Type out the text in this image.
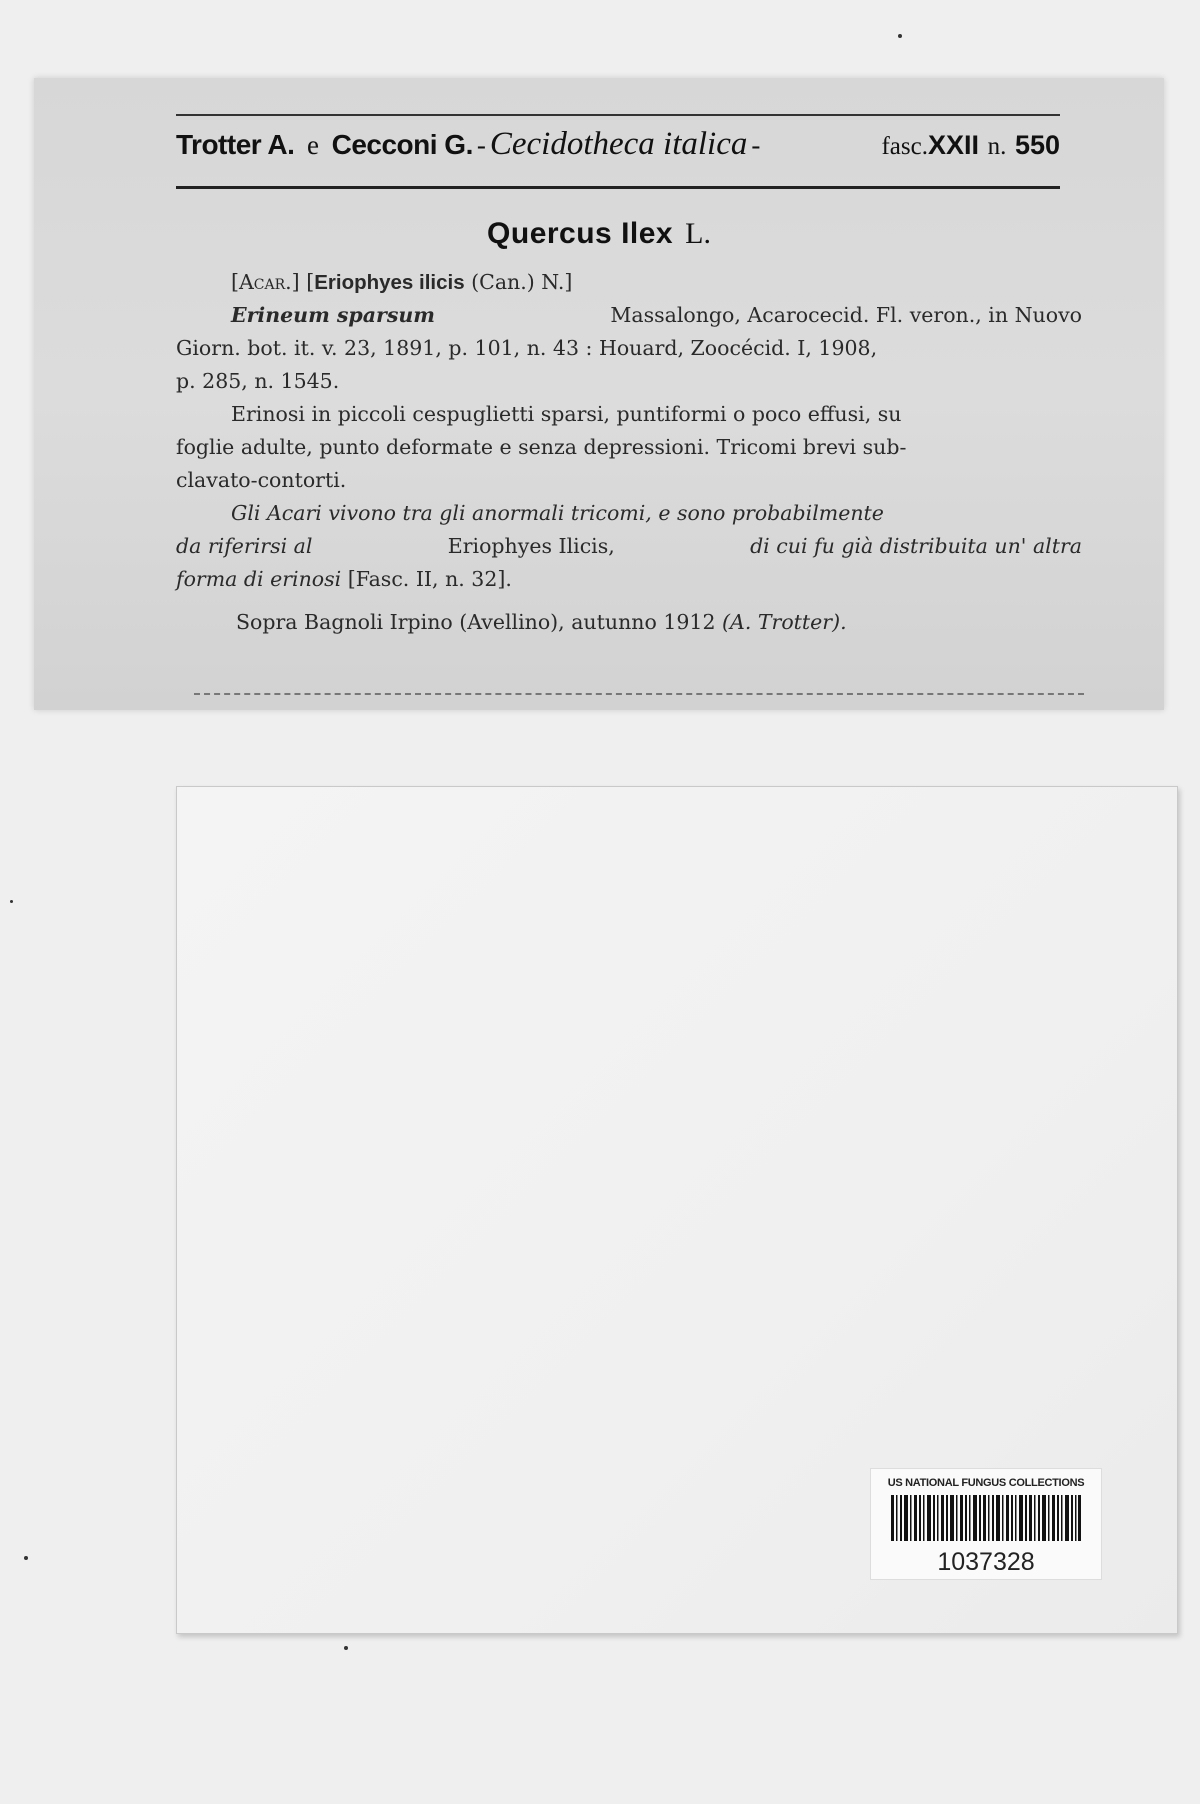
Trotter A. e Cecconi G. - Cecidotheca italica -	fasc.XXII n. 550
Quercus Ilex L.
[Acar.] [Eriophyes ilicis (Can.) N.]
Erineum sparsum	Massalongo, Acarocecid. Fl. veron., in Nuovo
Giorn. bot. it. v. 23, 1891, p. 101, n. 43 : Houard, Zoocécid. I, 1908,
p. 285, n. 1545.
Erinosi in piccoli cespuglietti sparsi, puntiformi o poco effusi, su
foglie adulte, punto deformate e senza depressioni. Tricomi brevi sub-
clavato-contorti.
Gli Acari vivono tra gli anormali tricomi, e sono probabilmente
da riferirsi al	Eriophyes Ilicis,	di cui fu già distribuita un' altra
forma di erinosi [Fasc. II, n. 32].
Sopra Bagnoli Irpino (Avellino), autunno 1912 (A. Trotter).
US NATIONAL FUNGUS COLLECTIONS
1037328
